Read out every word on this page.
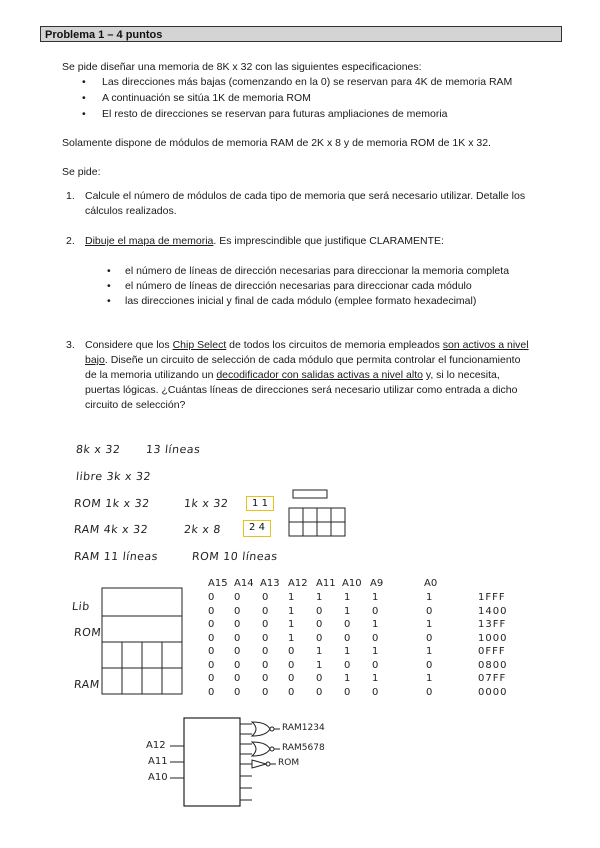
Problema 1 – 4 puntos
Se pide diseñar una memoria de 8K x 32 con las siguientes especificaciones:
• Las direcciones más bajas (comenzando en la 0) se reservan para 4K de memoria RAM
• A continuación se sitúa 1K de memoria ROM
• El resto de direcciones se reservan para futuras ampliaciones de memoria
Solamente dispone de módulos de memoria RAM de 2K x 8 y de memoria ROM de 1K x 32.
Se pide:
1. Calcule el número de módulos de cada tipo de memoria que será necesario utilizar. Detalle los
cálculos realizados.
2. Dibuje el mapa de memoria. Es imprescindible que justifique CLARAMENTE:
• el número de líneas de dirección necesarias para direccionar la memoria completa
• el número de líneas de dirección necesarias para direccionar cada módulo
• las direcciones inicial y final de cada módulo (emplee formato hexadecimal)
3. Considere que los Chip Select de todos los circuitos de memoria empleados son activos a nivel
bajo. Diseñe un circuito de selección de cada módulo que permita controlar el funcionamiento
de la memoria utilizando un decodificador con salidas activas a nivel alto y, si lo necesita,
puertas lógicas. ¿Cuántas líneas de direcciones será necesario utilizar como entrada a dicho
circuito de selección?
8k x 32 13 líneas
libre 3k x 32
ROM 1k x 32	1k x 32	1 1
RAM 4k x 32	2k x 8	2 4
RAM 11 líneas	ROM 10 líneas
Lib
ROM
RAM
A15 A14 A13 A12 A11 A10 A9	A0
0 0 0 1 1 1 1	1	1FFF
0 0 0 1 0 1 0	0	1400
0 0 0 1 0 0 1	1	13FF
0 0 0 1 0 0 0	0	1000
0 0 0 0 1 1 1	1	0FFF
0 0 0 0 1 0 0	0	0800
0 0 0 0 0 1 1	1	07FF
0 0 0 0 0 0 0	0	0000
A12
A11
A10
RAM1234
RAM5678
ROM
